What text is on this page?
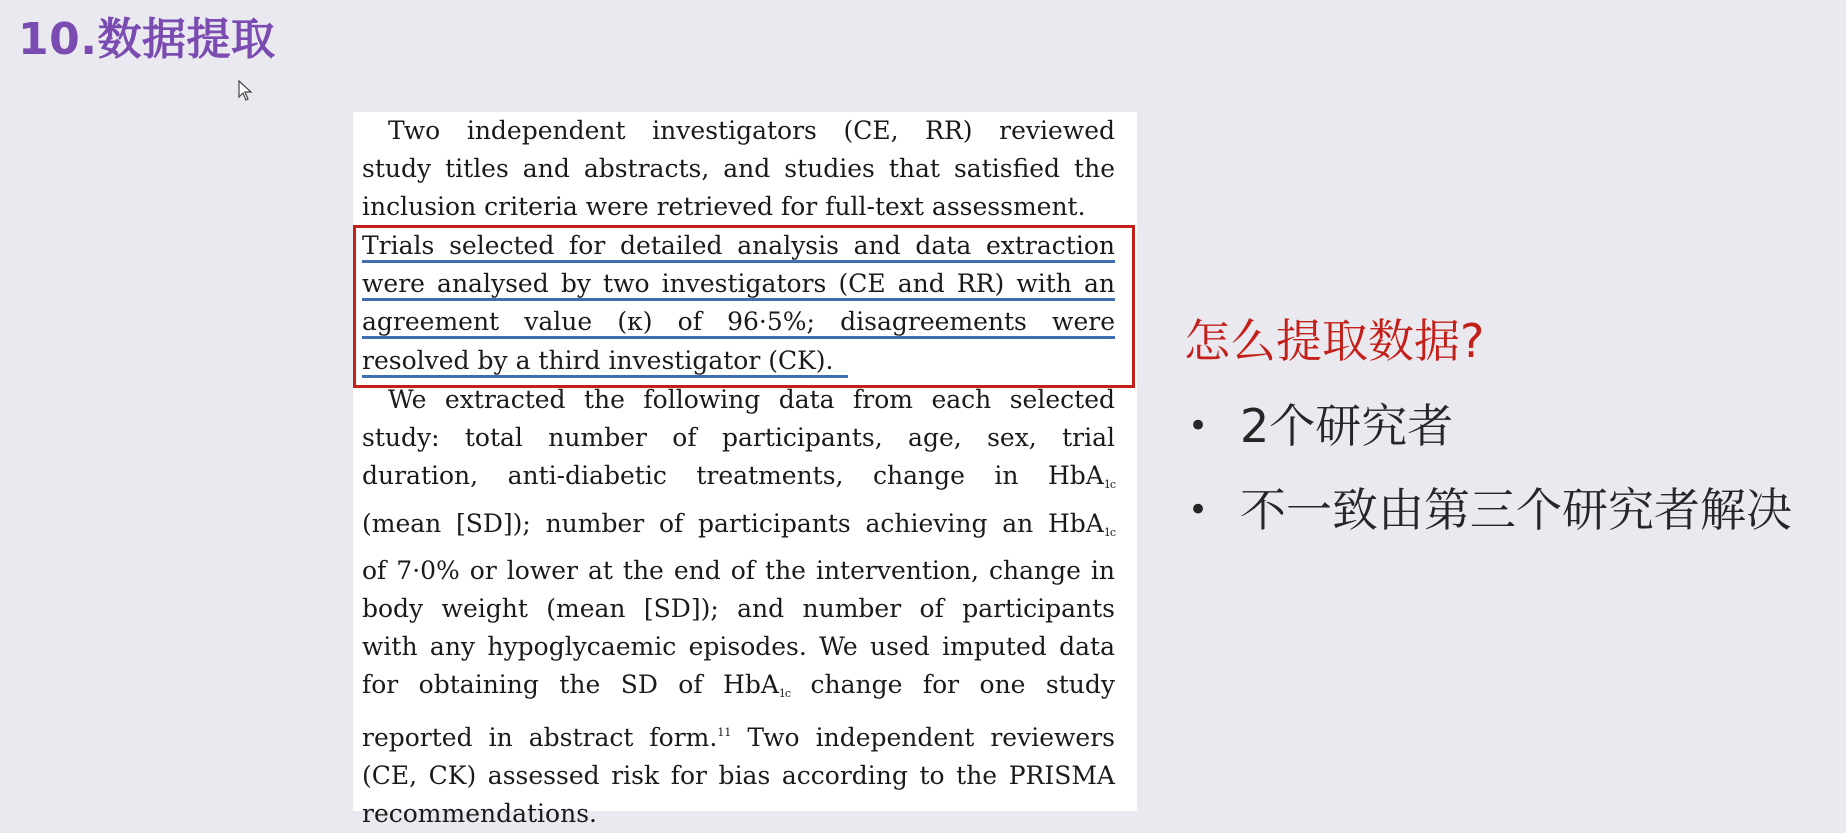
10.数据提取

Two independent investigators (CE, RR) reviewed
study titles and abstracts, and studies that satisfied the
inclusion criteria were retrieved for full-text assessment.

Trials selected for detailed analysis and data extraction
were analysed by two investigators (CE and RR) with an
agreement value (κ) of 96·5%; disagreements were
resolved by a third investigator (CK).

We extracted the following data from each selected
study: total number of participants, age, sex, trial
duration, anti-diabetic treatments, change in HbA$_{1c}$
(mean [SD]); number of participants achieving an HbA$_{1c}$
of 7·0% or lower at the end of the intervention, change in
body weight (mean [SD]); and number of participants
with any hypoglycaemic episodes. We used imputed data
for obtaining the SD of HbA$_{1c}$ change for one study
reported in abstract form.$^{11}$ Two independent reviewers
(CE, CK) assessed risk for bias according to the PRISMA
recommendations.

怎么提取数据?
• 2个研究者
• 不一致由第三个研究者解决
